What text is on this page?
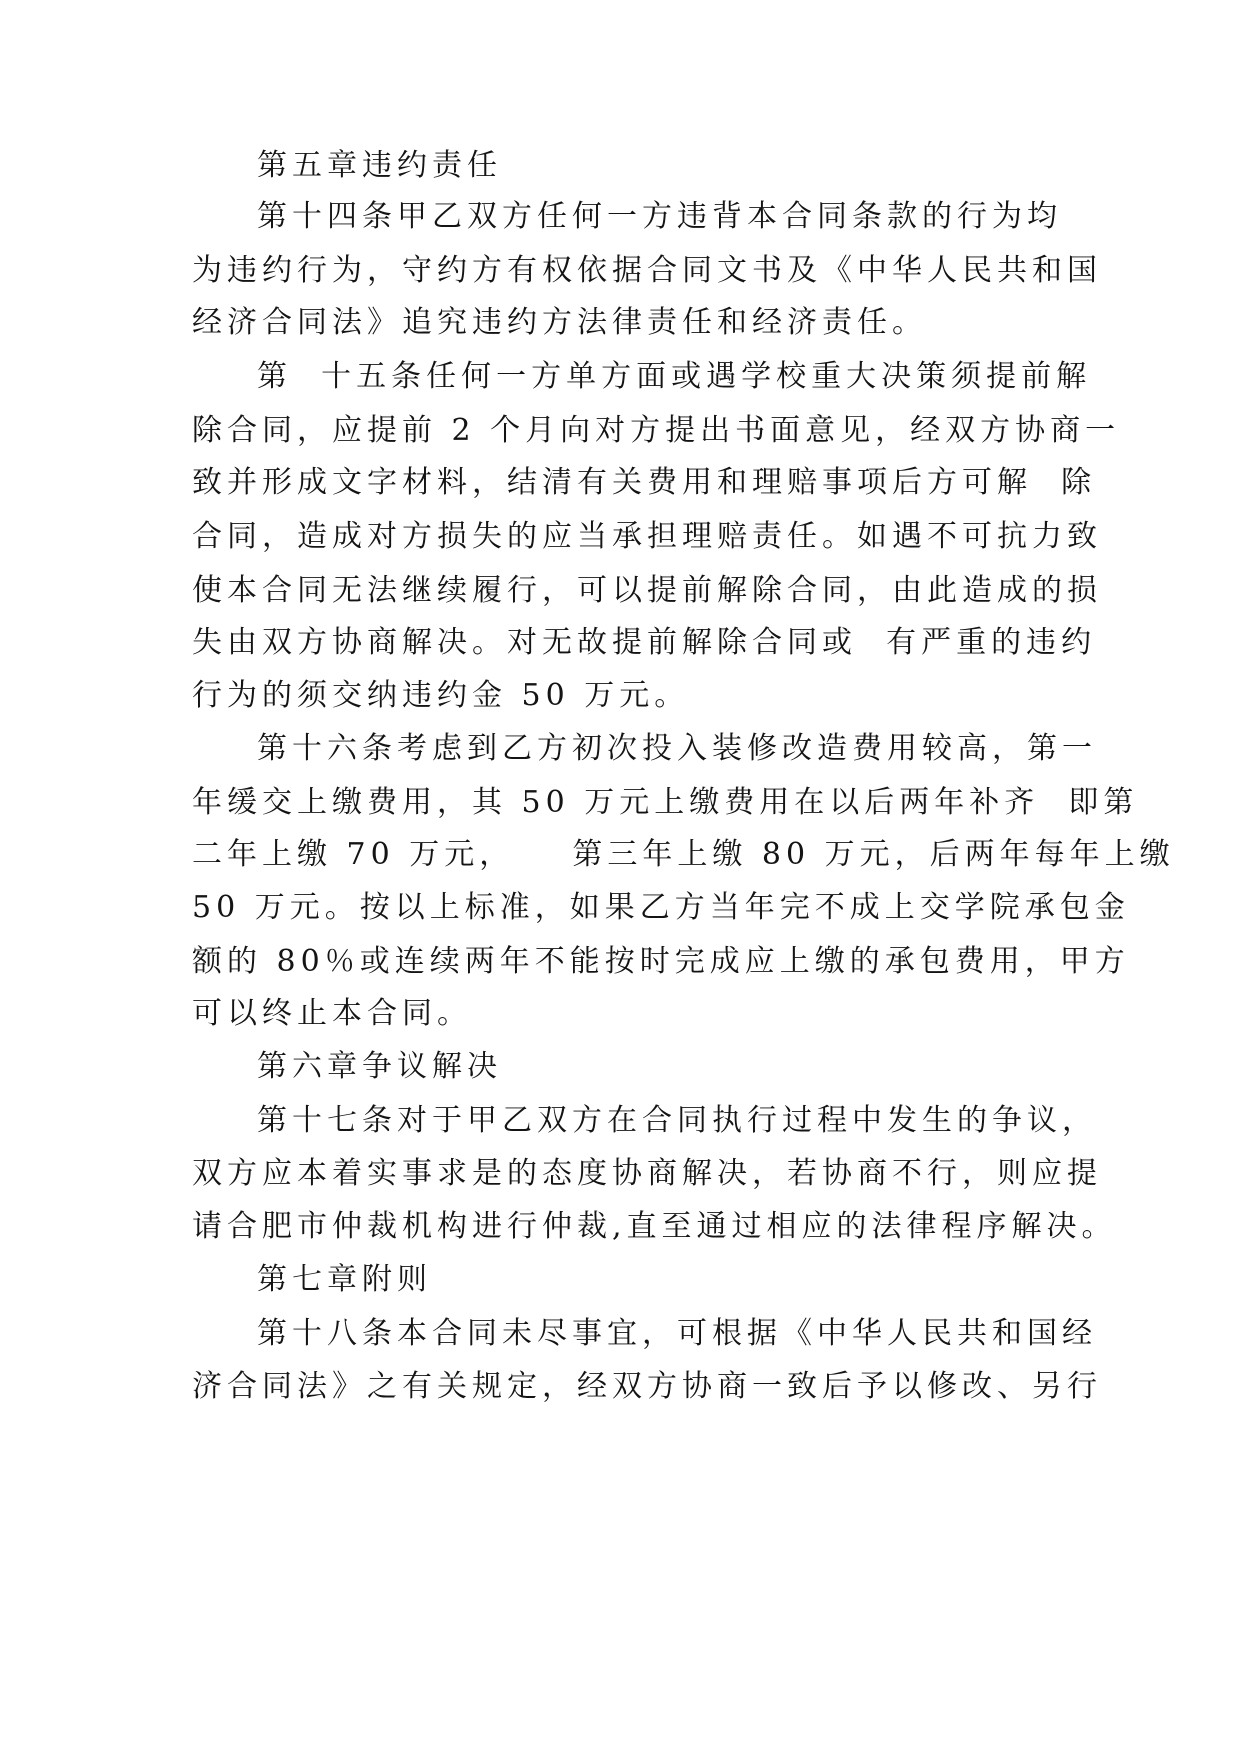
第五章违约责任

第十四条甲乙双方任何一方违背本合同条款的行为均

为违约行为，守约方有权依据合同文书及《中华人民共和国

经济合同法》追究违约方法律责任和经济责任。

第  十五条任何一方单方面或遇学校重大决策须提前解

除合同，应提前 2 个月向对方提出书面意见，经双方协商一

致并形成文字材料，结清有关费用和理赔事项后方可解  除

合同，造成对方损失的应当承担理赔责任。如遇不可抗力致

使本合同无法继续履行，可以提前解除合同，由此造成的损

失由双方协商解决。对无故提前解除合同或  有严重的违约

行为的须交纳违约金 50 万元。

第十六条考虑到乙方初次投入装修改造费用较高，第一

年缓交上缴费用，其 50 万元上缴费用在以后两年补齐  即第

二年上缴 70 万元，    第三年上缴 80 万元，后两年每年上缴

50 万元。按以上标准，如果乙方当年完不成上交学院承包金

额的 80％或连续两年不能按时完成应上缴的承包费用，甲方

可以终止本合同。

第六章争议解决

第十七条对于甲乙双方在合同执行过程中发生的争议，

双方应本着实事求是的态度协商解决，若协商不行，则应提

请合肥市仲裁机构进行仲裁,直至通过相应的法律程序解决。

第七章附则

第十八条本合同未尽事宜，可根据《中华人民共和国经

济合同法》之有关规定，经双方协商一致后予以修改、另行
